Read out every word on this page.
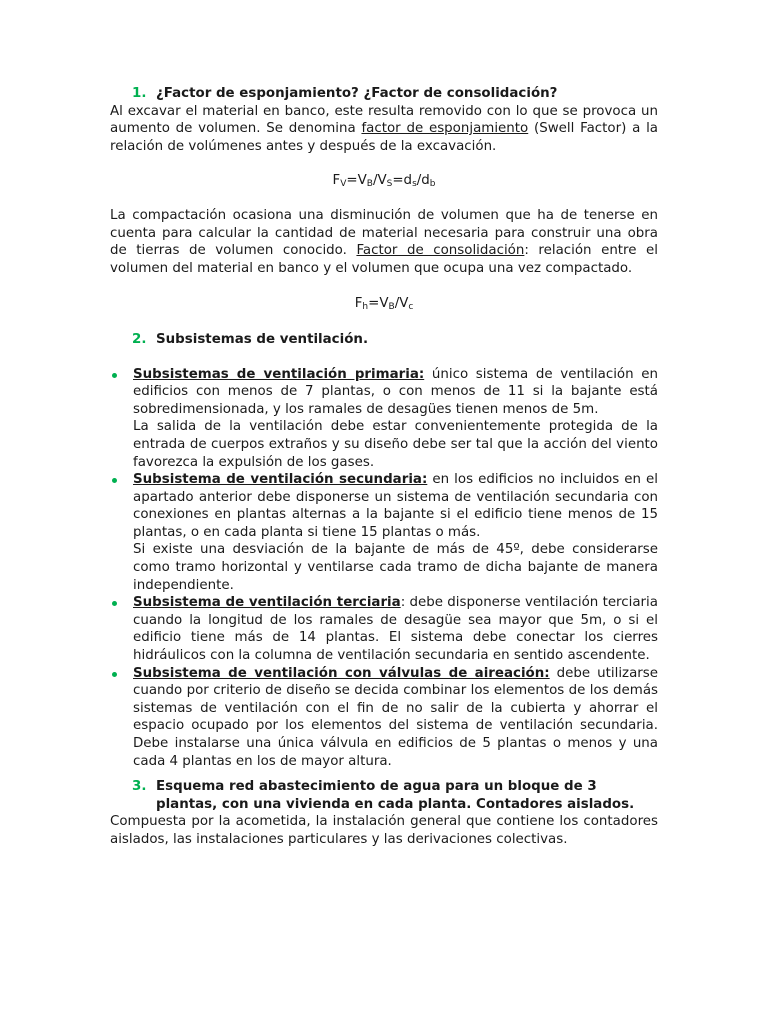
1. ¿Factor de esponjamiento? ¿Factor de consolidación?

Al excavar el material en banco, este resulta removido con lo que se provoca un aumento de volumen. Se denomina factor de esponjamiento (Swell Factor) a la relación de volúmenes antes y después de la excavación.

$F_V=V_B/V_S=d_s/d_b$

La compactación ocasiona una disminución de volumen que ha de tenerse en cuenta para calcular la cantidad de material necesaria para construir una obra de tierras de volumen conocido. Factor de consolidación: relación entre el volumen del material en banco y el volumen que ocupa una vez compactado.

$F_h=V_B/V_c$

2. Subsistemas de ventilación.

Subsistemas de ventilación primaria: único sistema de ventilación en edificios con menos de 7 plantas, o con menos de 11 si la bajante está sobredimensionada, y los ramales de desagües tienen menos de 5m.

La salida de la ventilación debe estar convenientemente protegida de la entrada de cuerpos extraños y su diseño debe ser tal que la acción del viento favorezca la expulsión de los gases.

Subsistema de ventilación secundaria: en los edificios no incluidos en el apartado anterior debe disponerse un sistema de ventilación secundaria con conexiones en plantas alternas a la bajante si el edificio tiene menos de 15 plantas, o en cada planta si tiene 15 plantas o más.

Si existe una desviación de la bajante de más de 45º, debe considerarse como tramo horizontal y ventilarse cada tramo de dicha bajante de manera independiente.

Subsistema de ventilación terciaria: debe disponerse ventilación terciaria cuando la longitud de los ramales de desagüe sea mayor que 5m, o si el edificio tiene más de 14 plantas. El sistema debe conectar los cierres hidráulicos con la columna de ventilación secundaria en sentido ascendente.

Subsistema de ventilación con válvulas de aireación: debe utilizarse cuando por criterio de diseño se decida combinar los elementos de los demás sistemas de ventilación con el fin de no salir de la cubierta y ahorrar el espacio ocupado por los elementos del sistema de ventilación secundaria. Debe instalarse una única válvula en edificios de 5 plantas o menos y una cada 4 plantas en los de mayor altura.

3. Esquema red abastecimiento de agua para un bloque de 3 plantas, con una vivienda en cada planta. Contadores aislados.

Compuesta por la acometida, la instalación general que contiene los contadores aislados, las instalaciones particulares y las derivaciones colectivas.
